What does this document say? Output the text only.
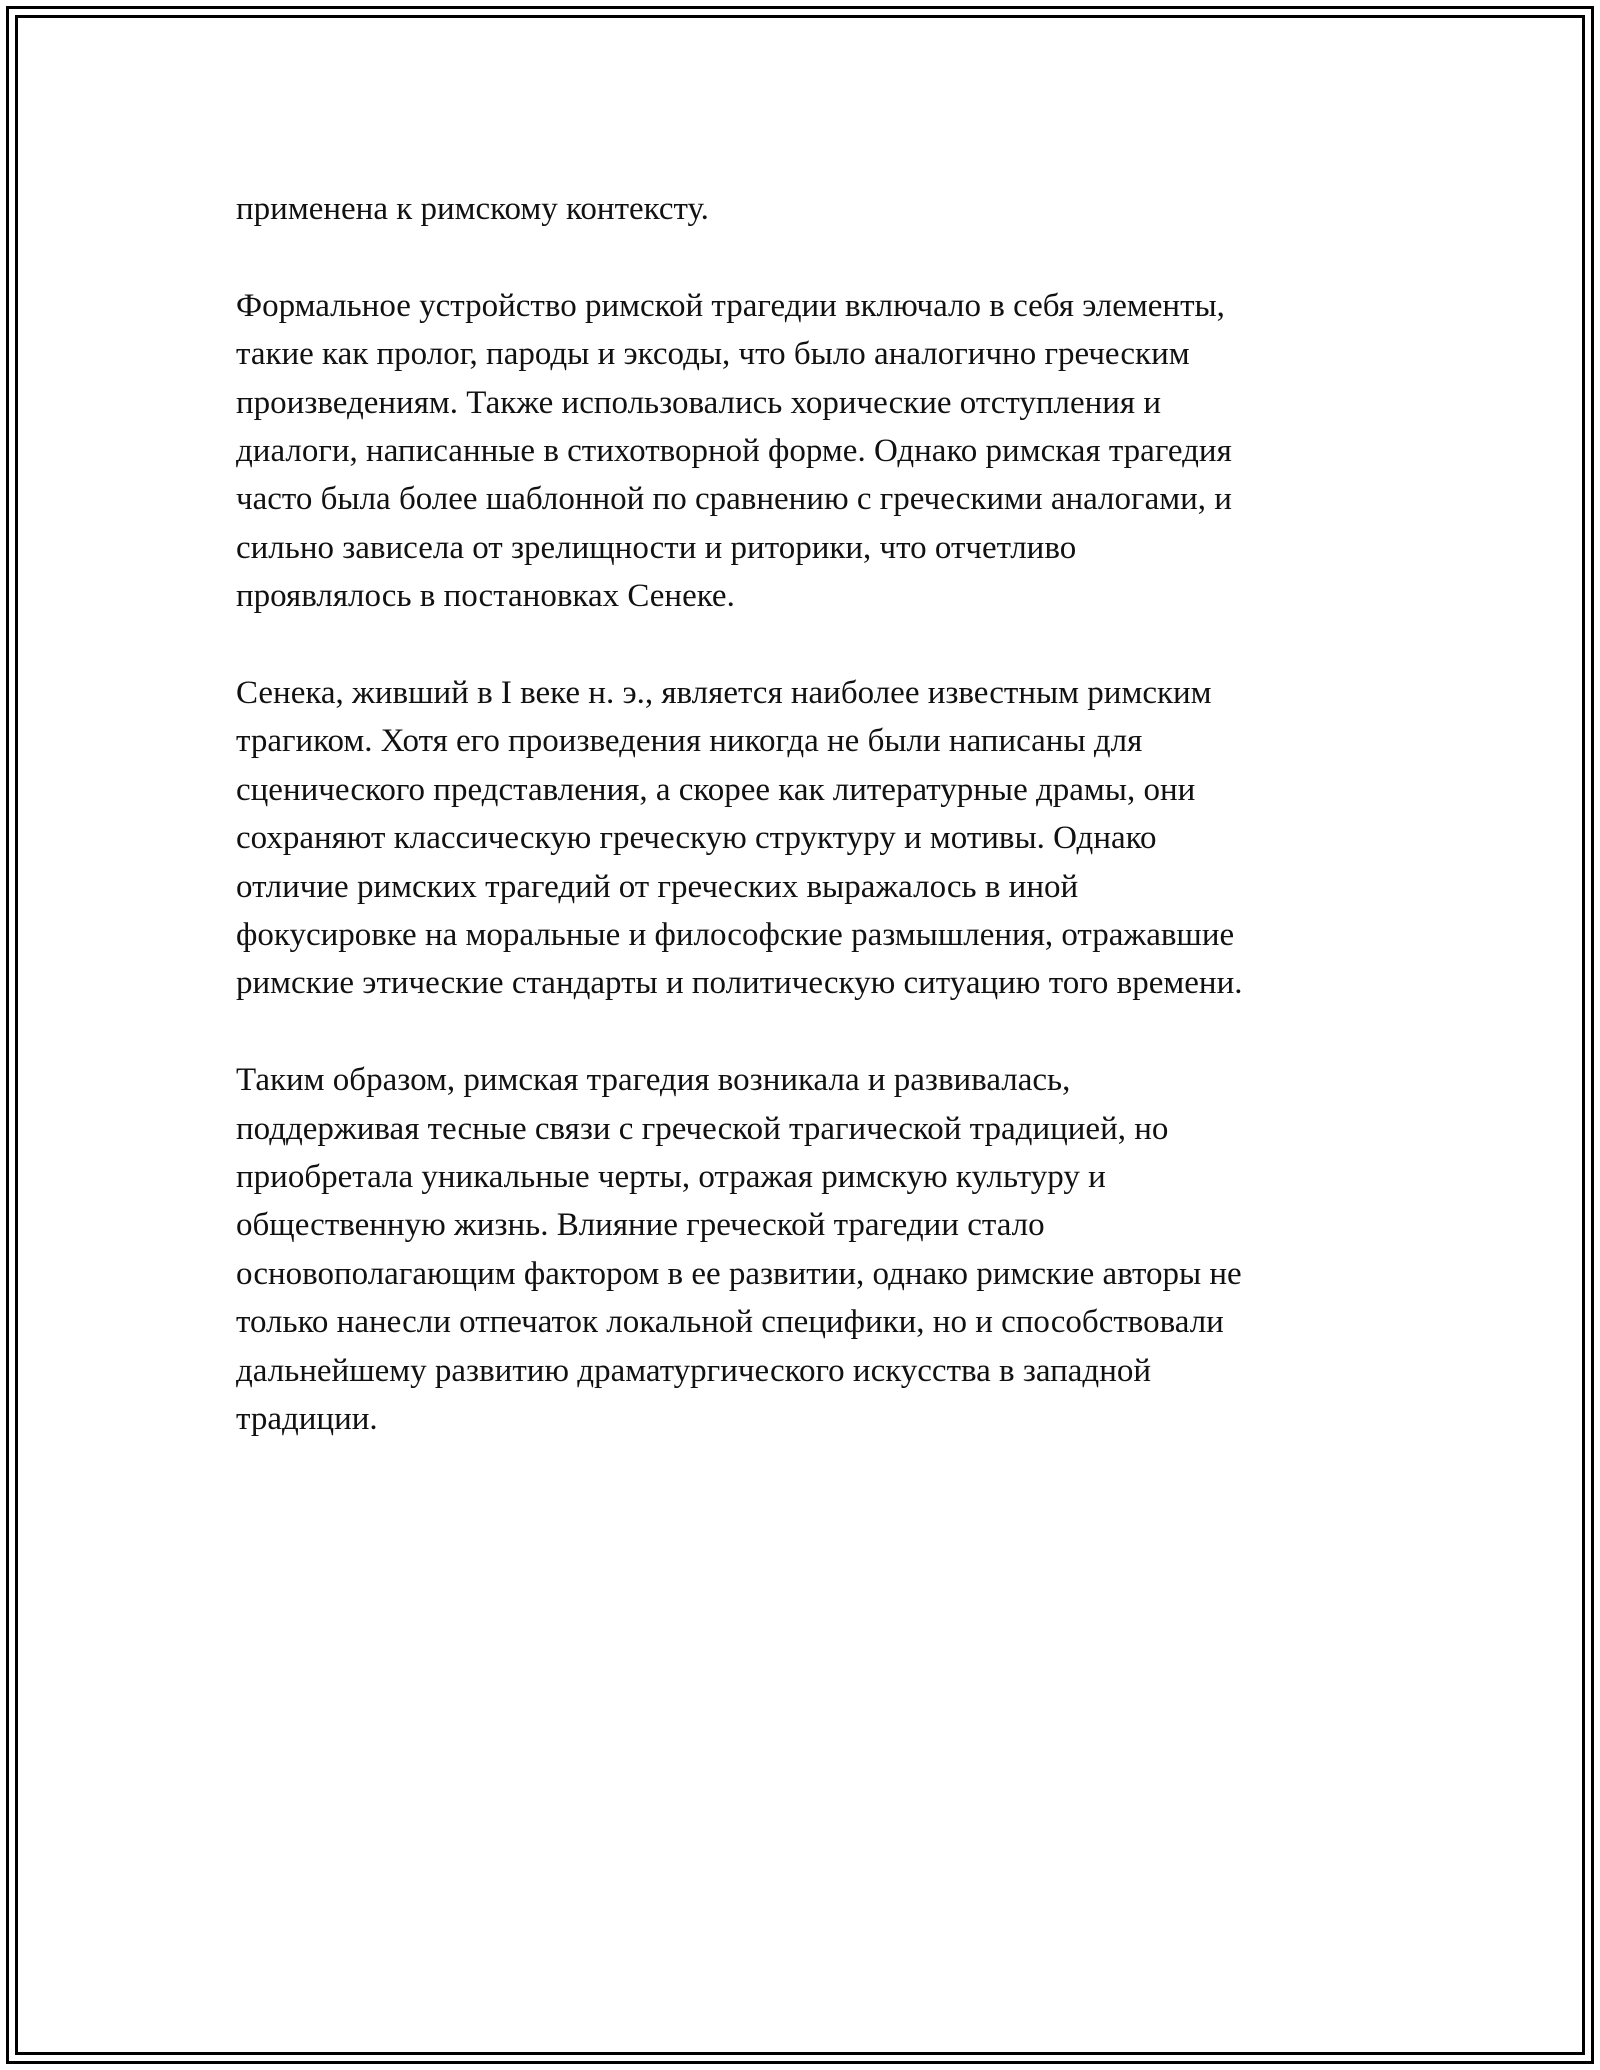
применена к римскому контексту.

Формальное устройство римской трагедии включало в себя элементы,
такие как пролог, пароды и эксоды, что было аналогично греческим
произведениям. Также использовались хорические отступления и
диалоги, написанные в стихотворной форме. Однако римская трагедия
часто была более шаблонной по сравнению с греческими аналогами, и
сильно зависела от зрелищности и риторики, что отчетливо
проявлялось в постановках Сенеке.

Сенека, живший в I веке н. э., является наиболее известным римским
трагиком. Хотя его произведения никогда не были написаны для
сценического представления, а скорее как литературные драмы, они
сохраняют классическую греческую структуру и мотивы. Однако
отличие римских трагедий от греческих выражалось в иной
фокусировке на моральные и философские размышления, отражавшие
римские этические стандарты и политическую ситуацию того времени.

Таким образом, римская трагедия возникала и развивалась,
поддерживая тесные связи с греческой трагической традицией, но
приобретала уникальные черты, отражая римскую культуру и
общественную жизнь. Влияние греческой трагедии стало
основополагающим фактором в ее развитии, однако римские авторы не
только нанесли отпечаток локальной специфики, но и способствовали
дальнейшему развитию драматургического искусства в западной
традиции.
